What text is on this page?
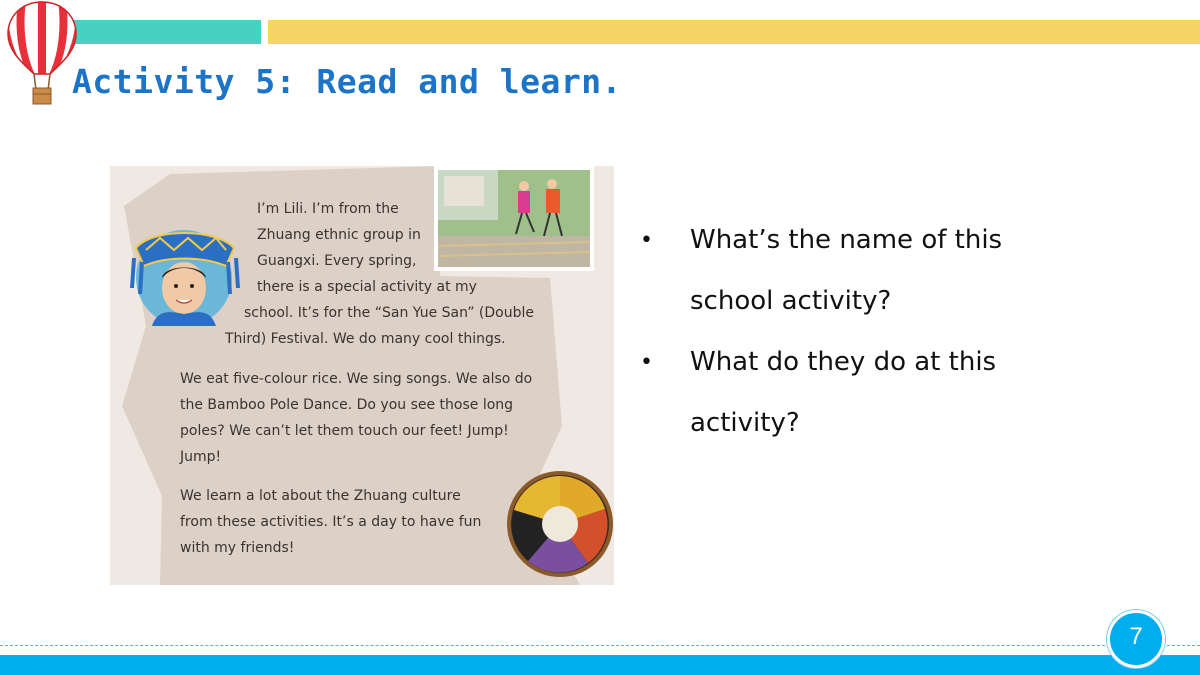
Activity 5: Read and learn.
I’m Lili. I’m from the
Zhuang ethnic group in
Guangxi. Every spring,
there is a special activity at my
school. It’s for the “San Yue San” (Double
Third) Festival. We do many cool things.
We eat five-colour rice. We sing songs. We also do
the Bamboo Pole Dance. Do you see those long
poles? We can’t let them touch our feet! Jump!
Jump!
We learn a lot about the Zhuang culture
from these activities. It’s a day to have fun
with my friends!
• What’s the name of this
school activity?
• What do they do at this
activity?
7
